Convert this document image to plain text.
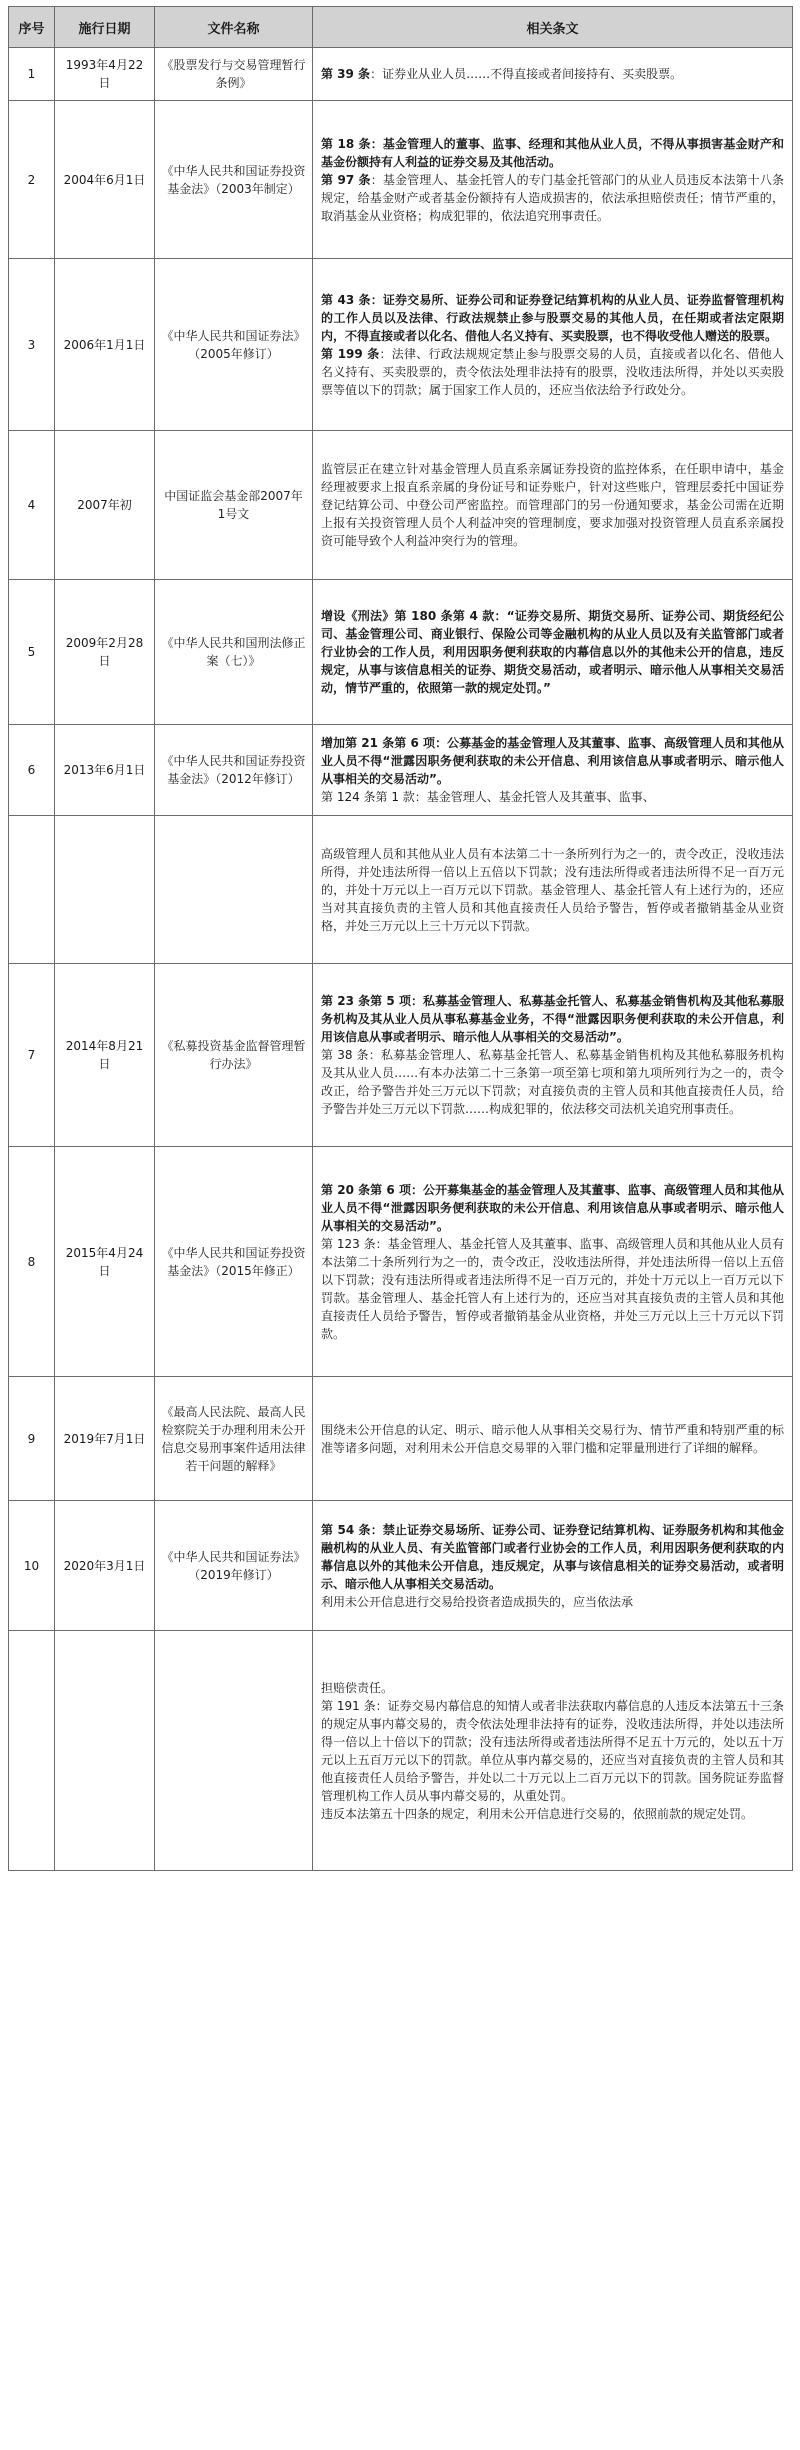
序号	施行日期	文件名称	相关条文
1	1993年4月22日	《股票发行与交易管理暂行条例》	第 39 条：证券业从业人员……不得直接或者间接持有、买卖股票。

2	2004年6月1日	《中华人民共和国证券投资基金法》（2003年制定）	第 18 条：基金管理人的董事、监事、经理和其他从业人员，不得从事损害基金财产和基金份额持有人利益的证券交易及其他活动。
第 97 条：基金管理人、基金托管人的专门基金托管部门的从业人员违反本法第十八条规定，给基金财产或者基金份额持有人造成损害的，依法承担赔偿责任；情节严重的，取消基金从业资格；构成犯罪的，依法追究刑事责任。

3	2006年1月1日	《中华人民共和国证券法》（2005年修订）	第 43 条：证券交易所、证券公司和证券登记结算机构的从业人员、证券监督管理机构的工作人员以及法律、行政法规禁止参与股票交易的其他人员，在任期或者法定限期内，不得直接或者以化名、借他人名义持有、买卖股票，也不得收受他人赠送的股票。
第 199 条：法律、行政法规规定禁止参与股票交易的人员，直接或者以化名、借他人名义持有、买卖股票的，责令依法处理非法持有的股票，没收违法所得，并处以买卖股票等值以下的罚款；属于国家工作人员的，还应当依法给予行政处分。

4	2007年初	中国证监会基金部2007年1号文	监管层正在建立针对基金管理人员直系亲属证券投资的监控体系，在任职申请中，基金经理被要求上报直系亲属的身份证号和证券账户，针对这些账户，管理层委托中国证券登记结算公司、中登公司严密监控。而管理部门的另一份通知要求，基金公司需在近期上报有关投资管理人员个人利益冲突的管理制度，要求加强对投资管理人员直系亲属投资可能导致个人利益冲突行为的管理。

5	2009年2月28日	《中华人民共和国刑法修正案（七）》	增设《刑法》第 180 条第 4 款：“证券交易所、期货交易所、证券公司、期货经纪公司、基金管理公司、商业银行、保险公司等金融机构的从业人员以及有关监管部门或者行业协会的工作人员，利用因职务便利获取的内幕信息以外的其他未公开的信息，违反规定，从事与该信息相关的证券、期货交易活动，或者明示、暗示他人从事相关交易活动，情节严重的，依照第一款的规定处罚。”

6	2013年6月1日	《中华人民共和国证券投资基金法》（2012年修订）	增加第 21 条第 6 项：公募基金的基金管理人及其董事、监事、高级管理人员和其他从业人员不得“泄露因职务便利获取的未公开信息、利用该信息从事或者明示、暗示他人从事相关的交易活动”。
第 124 条第 1 款：基金管理人、基金托管人及其董事、监事、

			高级管理人员和其他从业人员有本法第二十一条所列行为之一的，责令改正，没收违法所得，并处违法所得一倍以上五倍以下罚款；没有违法所得或者违法所得不足一百万元的，并处十万元以上一百万元以下罚款。基金管理人、基金托管人有上述行为的，还应当对其直接负责的主管人员和其他直接责任人员给予警告，暂停或者撤销基金从业资格，并处三万元以上三十万元以下罚款。

7	2014年8月21日	《私募投资基金监督管理暂行办法》	第 23 条第 5 项：私募基金管理人、私募基金托管人、私募基金销售机构及其他私募服务机构及其从业人员从事私募基金业务，不得“泄露因职务便利获取的未公开信息，利用该信息从事或者明示、暗示他人从事相关的交易活动”。
第 38 条：私募基金管理人、私募基金托管人、私募基金销售机构及其他私募服务机构及其从业人员……有本办法第二十三条第一项至第七项和第九项所列行为之一的，责令改正，给予警告并处三万元以下罚款；对直接负责的主管人员和其他直接责任人员，给予警告并处三万元以下罚款……构成犯罪的，依法移交司法机关追究刑事责任。

8	2015年4月24日	《中华人民共和国证券投资基金法》（2015年修正）	第 20 条第 6 项：公开募集基金的基金管理人及其董事、监事、高级管理人员和其他从业人员不得“泄露因职务便利获取的未公开信息、利用该信息从事或者明示、暗示他人从事相关的交易活动”。
第 123 条：基金管理人、基金托管人及其董事、监事、高级管理人员和其他从业人员有本法第二十条所列行为之一的，责令改正，没收违法所得，并处违法所得一倍以上五倍以下罚款；没有违法所得或者违法所得不足一百万元的，并处十万元以上一百万元以下罚款。基金管理人、基金托管人有上述行为的，还应当对其直接负责的主管人员和其他直接责任人员给予警告，暂停或者撤销基金从业资格，并处三万元以上三十万元以下罚款。

9	2019年7月1日	《最高人民法院、最高人民检察院关于办理利用未公开信息交易刑事案件适用法律若干问题的解释》	围绕未公开信息的认定、明示、暗示他人从事相关交易行为、情节严重和特别严重的标准等诸多问题，对利用未公开信息交易罪的入罪门槛和定罪量刑进行了详细的解释。

10	2020年3月1日	《中华人民共和国证券法》（2019年修订）	第 54 条：禁止证券交易场所、证券公司、证券登记结算机构、证券服务机构和其他金融机构的从业人员、有关监管部门或者行业协会的工作人员，利用因职务便利获取的内幕信息以外的其他未公开信息，违反规定，从事与该信息相关的证券交易活动，或者明示、暗示他人从事相关交易活动。
利用未公开信息进行交易给投资者造成损失的，应当依法承

			担赔偿责任。
第 191 条：证券交易内幕信息的知情人或者非法获取内幕信息的人违反本法第五十三条的规定从事内幕交易的，责令依法处理非法持有的证券，没收违法所得，并处以违法所得一倍以上十倍以下的罚款；没有违法所得或者违法所得不足五十万元的，处以五十万元以上五百万元以下的罚款。单位从事内幕交易的，还应当对直接负责的主管人员和其他直接责任人员给予警告，并处以二十万元以上二百万元以下的罚款。国务院证券监督管理机构工作人员从事内幕交易的，从重处罚。
违反本法第五十四条的规定，利用未公开信息进行交易的，依照前款的规定处罚。
